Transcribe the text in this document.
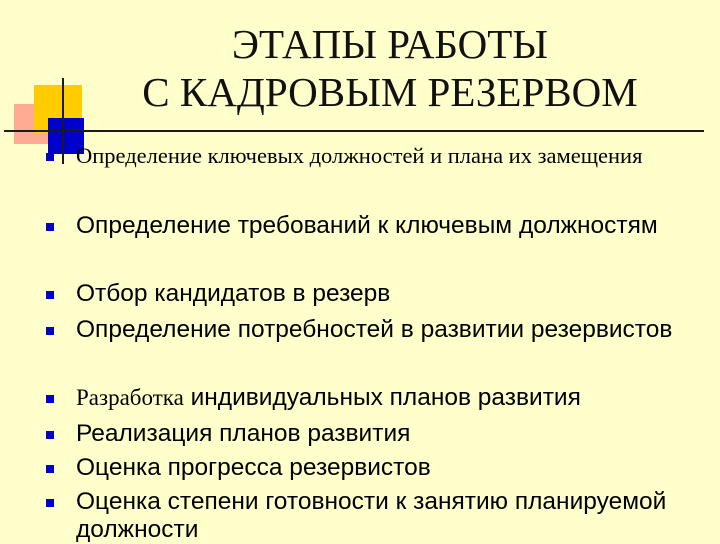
ЭТАПЫ РАБОТЫ
С КАДРОВЫМ РЕЗЕРВОМ
Определение ключевых должностей и плана их замещения
Определение требований к ключевым должностям
Отбор кандидатов в резерв
Определение потребностей в развитии резервистов
Разработка индивидуальных планов развития
Реализация планов развития
Оценка прогресса резервистов
Оценка степени готовности к занятию планируемой должности
